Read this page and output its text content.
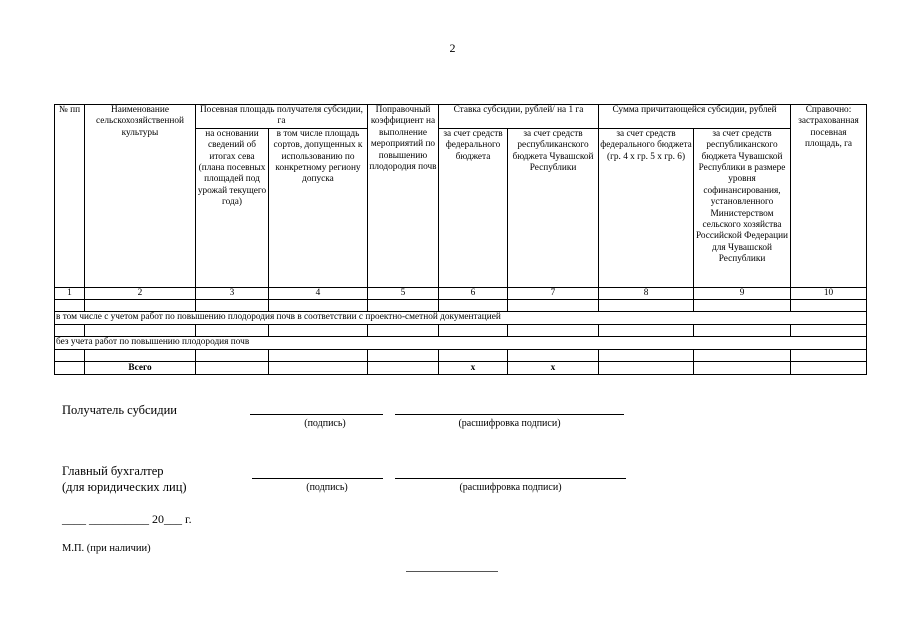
2
№ пп	Наименование сельскохозяйственной культуры	Посевная площадь получателя субсидии, га		Поправочный коэффициент на выполнение мероприятий по повышению плодородия почв	Ставка субсидии, рублей/ на 1 га		Сумма причитающейся субсидии, рублей		Справочно: застрахованная посевная площадь, га
		на основании сведений об итогах сева (плана посевных площадей под урожай текущего года)	в том числе площадь сортов, допущенных к использованию по конкретному региону допуска		за счет средств федерального бюджета	за счет средств республиканского бюджета Чувашской Республики	за счет средств федерального бюджета (гр. 4 х гр. 5 х гр. 6)	за счет средств республиканского бюджета Чувашской Республики в размере уровня софинансирования, установленного Министерством сельского хозяйства Российской Федерации для Чувашской Республики	
1	2	3	4	5	6	7	8	9	10

в том числе с учетом работ по повышению плодородия почв в соответствии с проектно-сметной документацией									

без учета работ по повышению плодородия почв									

	Всего				х	х			
Получатель субсидии
(подпись)	(расшифровка подписи)
Главный бухгалтер
(для юридических лиц)	(подпись)	(расшифровка подписи)
____ __________ 20___ г.
М.П. (при наличии)
